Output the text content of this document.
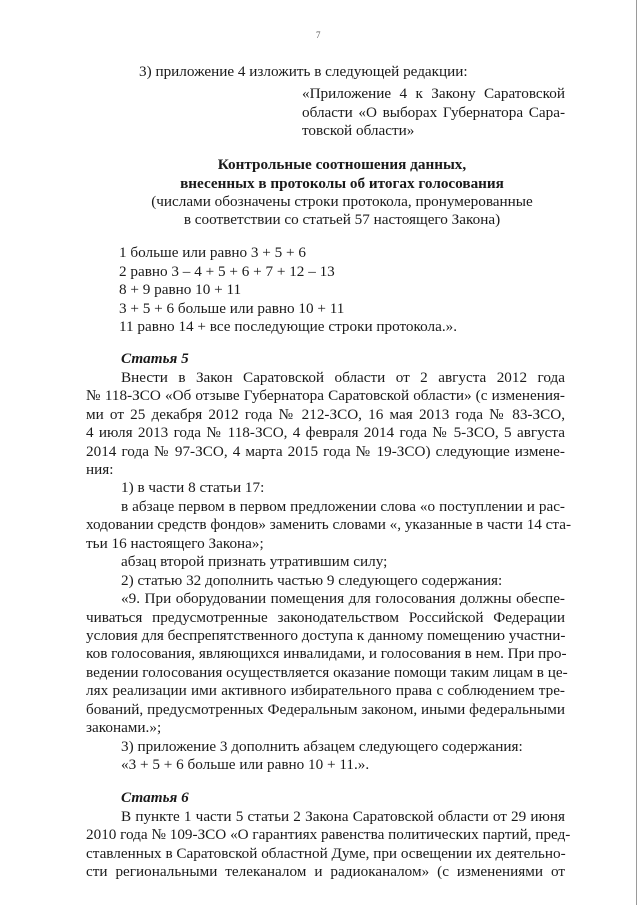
7
3) приложение 4 изложить в следующей редакции:
«Приложение 4 к Закону Саратовской
области «О выборах Губернатора Сара-
товской области»
Контрольные соотношения данных,
внесенных в протоколы об итогах голосования
(числами обозначены строки протокола, пронумерованные
в соответствии со статьей 57 настоящего Закона)
1 больше или равно 3 + 5 + 6
2 равно 3 – 4 + 5 + 6 + 7 + 12 – 13
8 + 9 равно 10 + 11
3 + 5 + 6 больше или равно 10 + 11
11 равно 14 + все последующие строки протокола.».
Статья 5
Внести в Закон Саратовской области от 2 августа 2012 года
№ 118-ЗСО «Об отзыве Губернатора Саратовской области» (с изменения-
ми от 25 декабря 2012 года № 212-ЗСО, 16 мая 2013 года № 83-ЗСО,
4 июля 2013 года № 118-ЗСО, 4 февраля 2014 года № 5-ЗСО, 5 августа
2014 года № 97-ЗСО, 4 марта 2015 года № 19-ЗСО) следующие измене-
ния:
1) в части 8 статьи 17:
в абзаце первом в первом предложении слова «о поступлении и рас-
ходовании средств фондов» заменить словами «, указанные в части 14 ста-
тьи 16 настоящего Закона»;
абзац второй признать утратившим силу;
2) статью 32 дополнить частью 9 следующего содержания:
«9. При оборудовании помещения для голосования должны обеспе-
чиваться предусмотренные законодательством Российской Федерации
условия для беспрепятственного доступа к данному помещению участни-
ков голосования, являющихся инвалидами, и голосования в нем. При про-
ведении голосования осуществляется оказание помощи таким лицам в це-
лях реализации ими активного избирательного права с соблюдением тре-
бований, предусмотренных Федеральным законом, иными федеральными
законами.»;
3) приложение 3 дополнить абзацем следующего содержания:
«3 + 5 + 6 больше или равно 10 + 11.».
Статья 6
В пункте 1 части 5 статьи 2 Закона Саратовской области от 29 июня
2010 года № 109-ЗСО «О гарантиях равенства политических партий, пред-
ставленных в Саратовской областной Думе, при освещении их деятельно-
сти региональными телеканалом и радиоканалом» (с изменениями от
